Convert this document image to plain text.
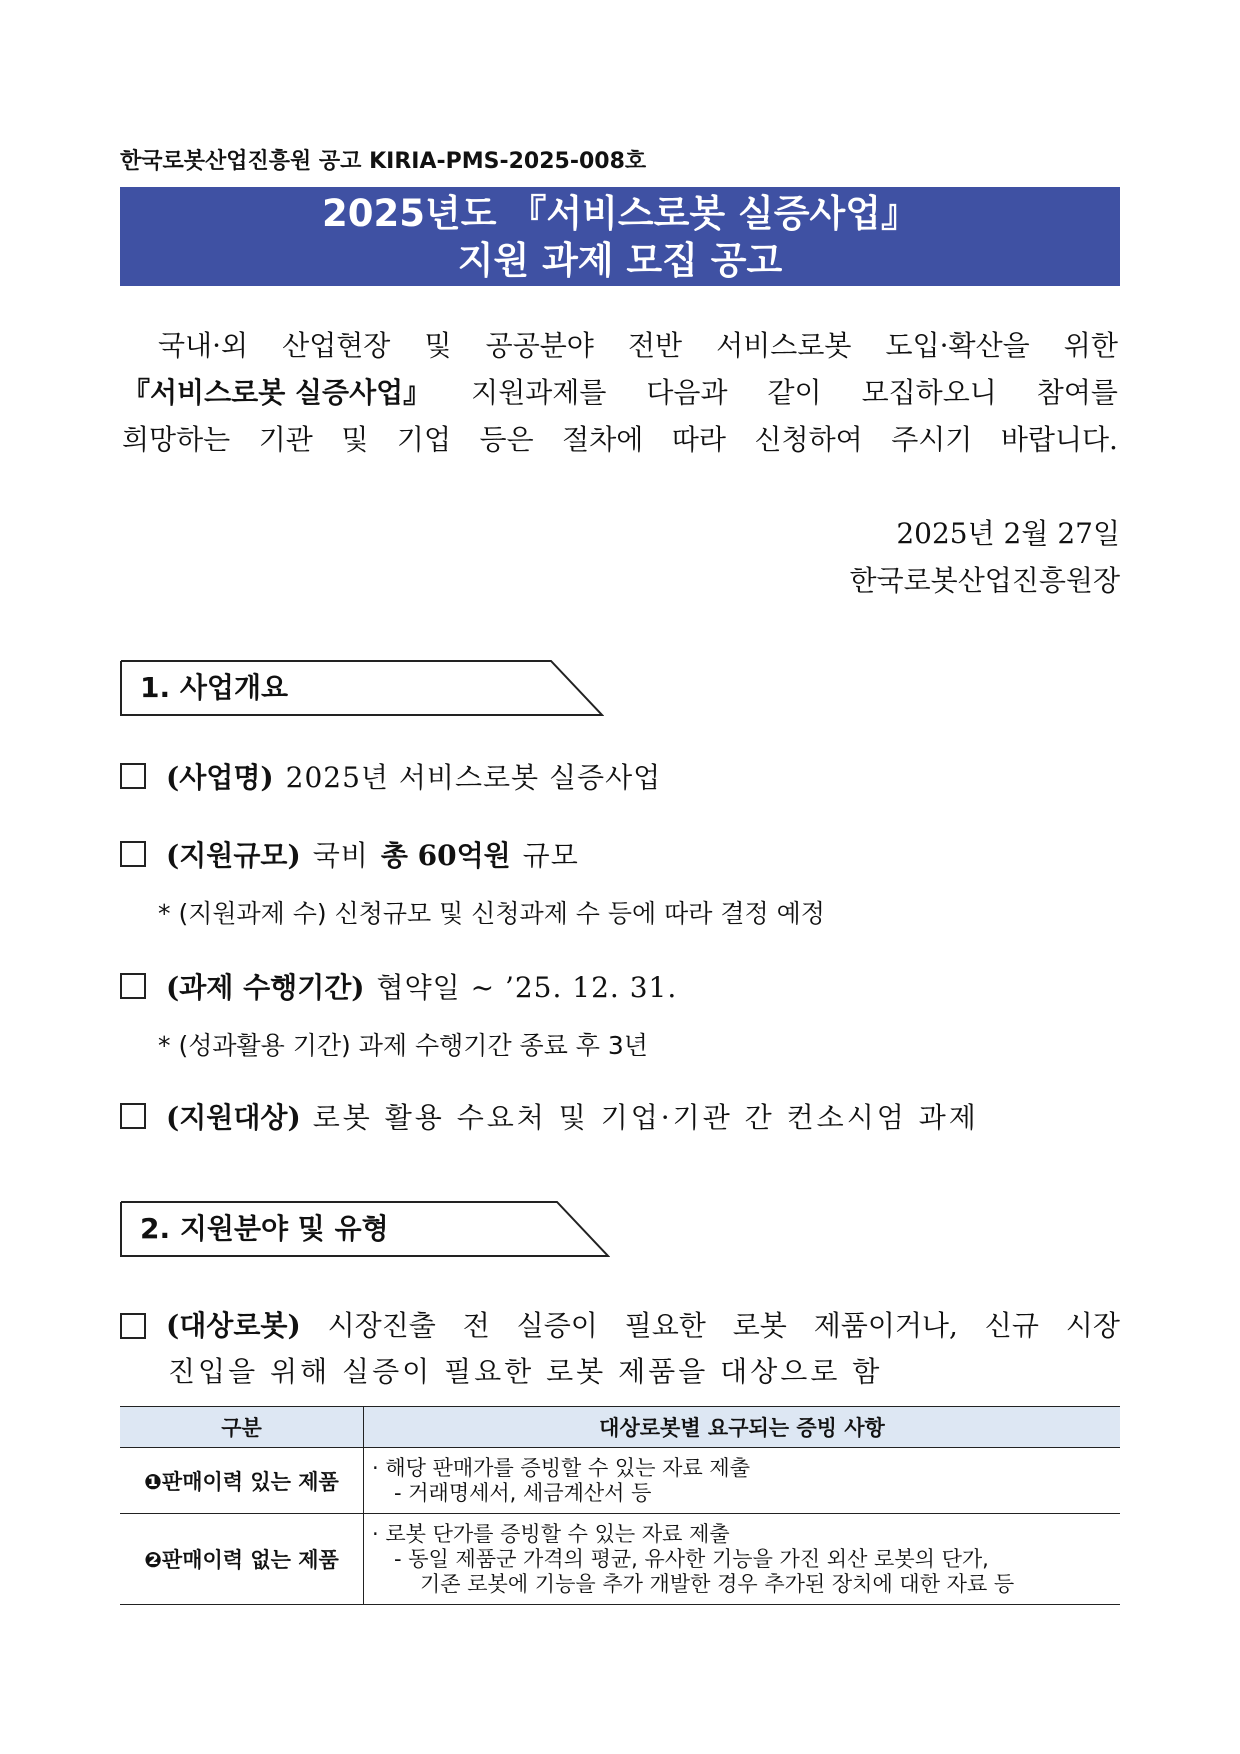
한국로봇산업진흥원 공고 KIRIA-PMS-2025-008호
2025년도 『서비스로봇 실증사업』
지원 과제 모집 공고
국내·외 산업현장 및 공공분야 전반 서비스로봇 도입·확산을 위한
『서비스로봇 실증사업』 지원과제를 다음과 같이 모집하오니 참여를
희망하는 기관 및 기업 등은 절차에 따라 신청하여 주시기 바랍니다.
2025년 2월 27일
한국로봇산업진흥원장
1. 사업개요
(사업명) 2025년 서비스로봇 실증사업
(지원규모) 국비 총 60억원 규모
* (지원과제 수) 신청규모 및 신청과제 수 등에 따라 결정 예정
(과제 수행기간) 협약일 ~ ’25. 12. 31.
* (성과활용 기간) 과제 수행기간 종료 후 3년
(지원대상) 로봇 활용 수요처 및 기업·기관 간 컨소시엄 과제
2. 지원분야 및 유형
(대상로봇) 시장진출 전 실증이 필요한 로봇 제품이거나, 신규 시장
진입을 위해 실증이 필요한 로봇 제품을 대상으로 함
구분	대상로봇별 요구되는 증빙 사항
❶판매이력 있는 제품	· 해당 판매가를 증빙할 수 있는 자료 제출
- 거래명세서, 세금계산서 등

❷판매이력 없는 제품	· 로봇 단가를 증빙할 수 있는 자료 제출
- 동일 제품군 가격의 평균, 유사한 기능을 가진 외산 로봇의 단가,
기존 로봇에 기능을 추가 개발한 경우 추가된 장치에 대한 자료 등
